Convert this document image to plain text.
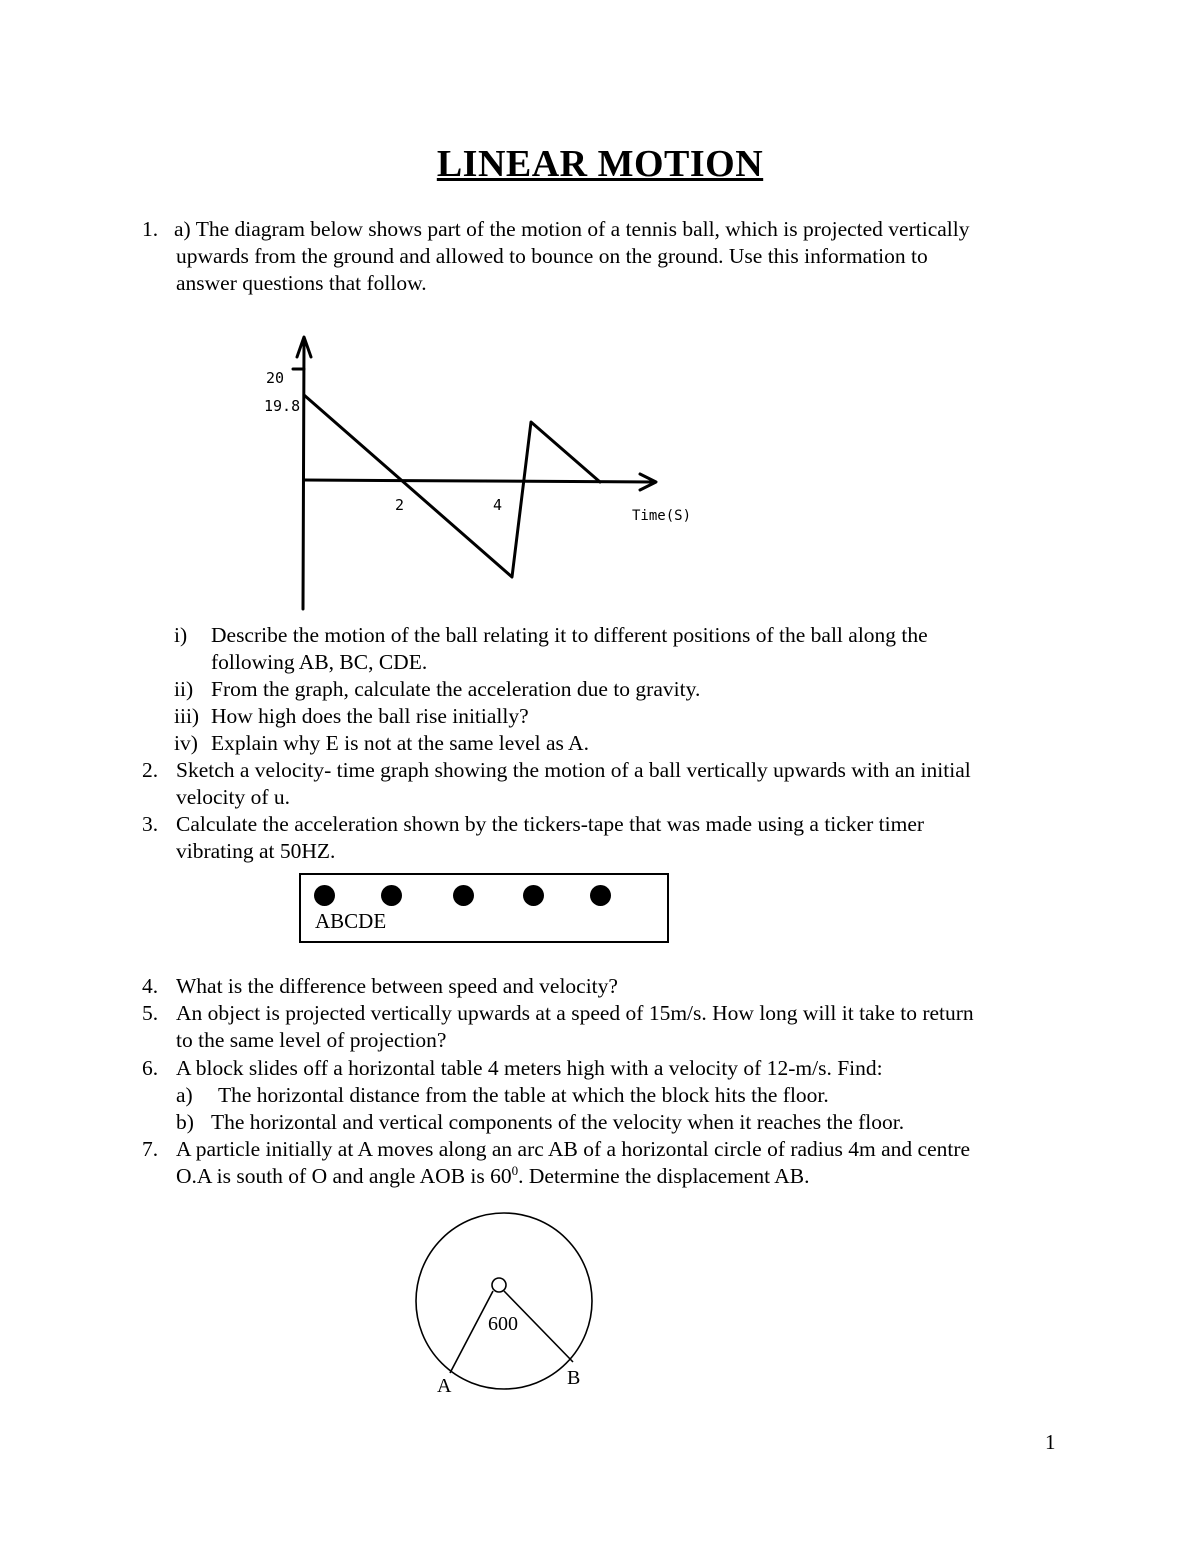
LINEAR MOTION
1. a) The diagram below shows part of the motion of a tennis ball, which is projected vertically
upwards from the ground and allowed to bounce on the ground. Use this information to
answer questions that follow.
20
19.8
2	4
Time(S)
i) Describe the motion of the ball relating it to different positions of the ball along the
following AB, BC, CDE.
ii) From the graph, calculate the acceleration due to gravity.
iii) How high does the ball rise initially?
iv) Explain why E is not at the same level as A.
2. Sketch a velocity- time graph showing the motion of a ball vertically upwards with an initial
velocity of u.
3. Calculate the acceleration shown by the tickers-tape that was made using a ticker timer
vibrating at 50HZ.
ABCDE
4. What is the difference between speed and velocity?
5. An object is projected vertically upwards at a speed of 15m/s. How long will it take to return
to the same level of projection?
6. A block slides off a horizontal table 4 meters high with a velocity of 12-m/s. Find:
a) The horizontal distance from the table at which the block hits the floor.
b) The horizontal and vertical components of the velocity when it reaches the floor.
7. A particle initially at A moves along an arc AB of a horizontal circle of radius 4m and centre
O.A is south of O and angle AOB is $60^0$. Determine the displacement AB.
600
A	B
1
